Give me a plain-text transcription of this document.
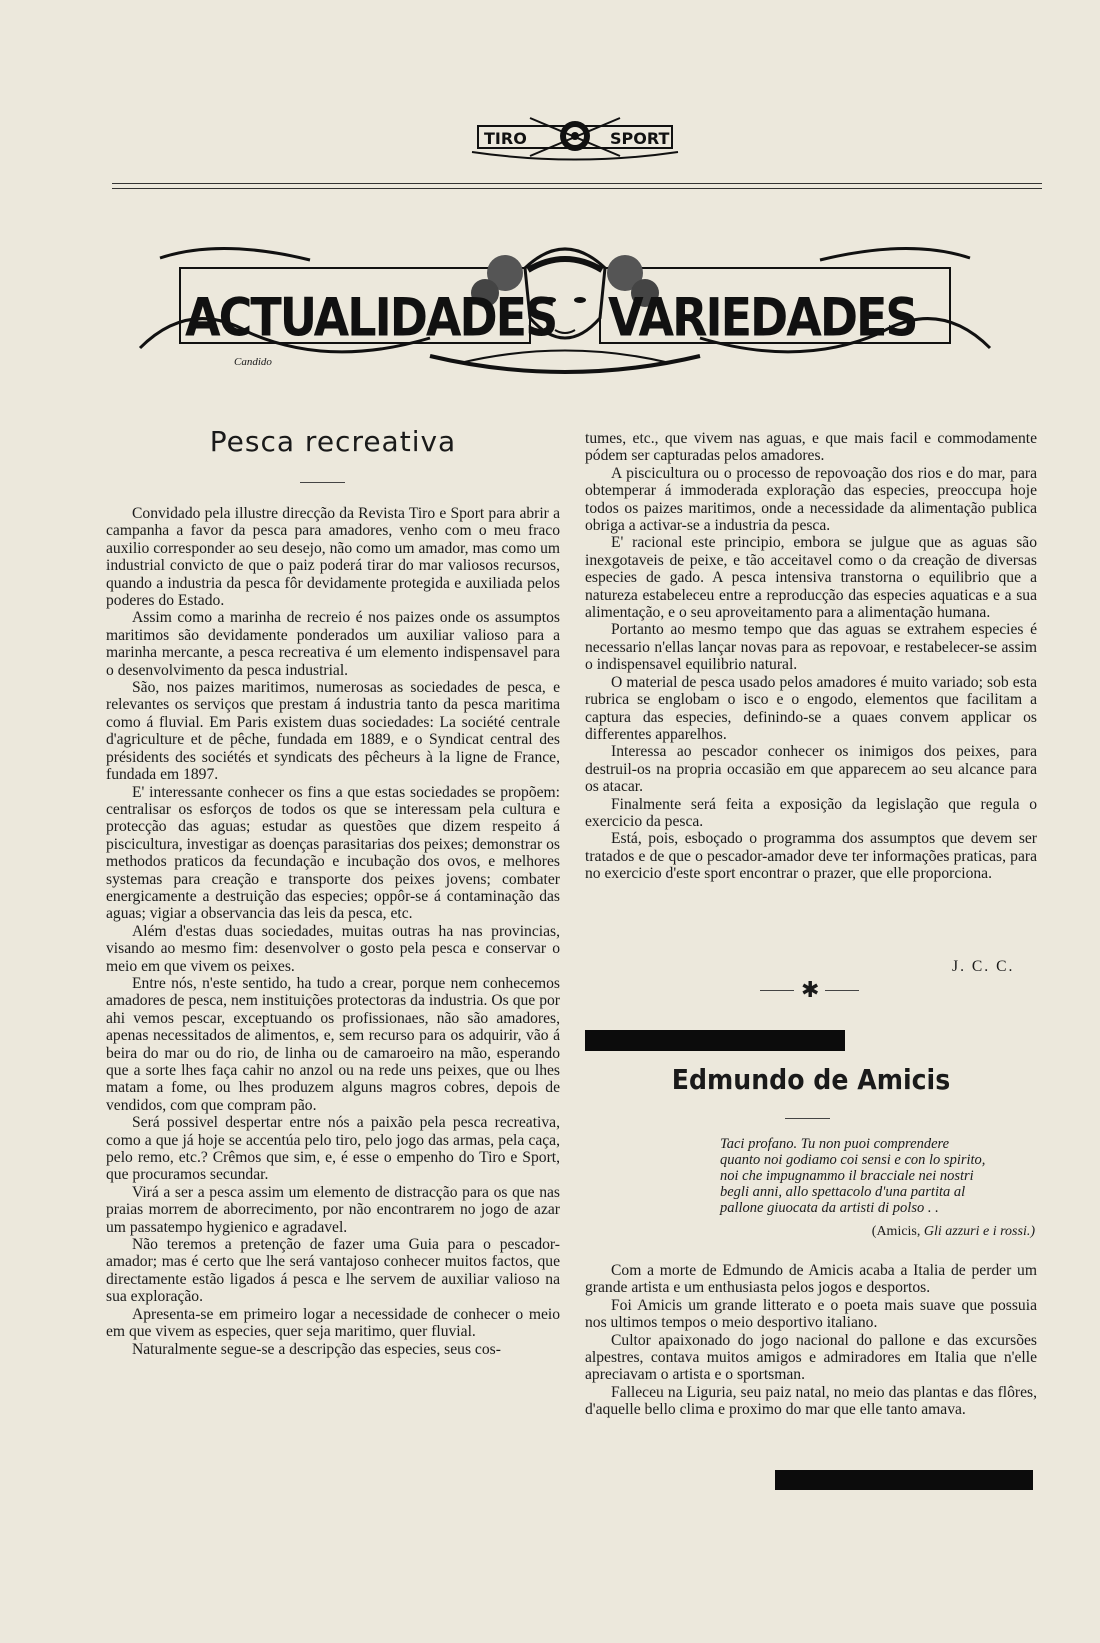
TIRO	SPORT
ACTUALIDADES VARIEDADES
Candido
Pesca recreativa

Convidado pela illustre direcção da Revista Tiro e Sport para abrir a campanha a favor da pesca para amadores, venho com o meu fraco auxilio corresponder ao seu desejo, não como um amador, mas como um industrial convicto de que o paiz poderá tirar do mar valiosos recursos, quando a industria da pesca fôr devidamente protegida e auxiliada pelos poderes do Estado.

Assim como a marinha de recreio é nos paizes onde os assumptos maritimos são devidamente ponderados um auxiliar valioso para a marinha mercante, a pesca recreativa é um elemento indispensavel para o desenvolvimento da pesca industrial.

São, nos paizes maritimos, numerosas as sociedades de pesca, e relevantes os serviços que prestam á industria tanto da pesca maritima como á fluvial. Em Paris existem duas sociedades: La société centrale d'agriculture et de pêche, fundada em 1889, e o Syndicat central des présidents des sociétés et syndicats des pêcheurs à la ligne de France, fundada em 1897.

E' interessante conhecer os fins a que estas sociedades se propõem: centralisar os esforços de todos os que se interessam pela cultura e protecção das aguas; estudar as questões que dizem respeito á piscicultura, investigar as doenças parasitarias dos peixes; demonstrar os methodos praticos da fecundação e incubação dos ovos, e melhores systemas para creação e transporte dos peixes jovens; combater energicamente a destruição das especies; oppôr-se á contaminação das aguas; vigiar a observancia das leis da pesca, etc.

Além d'estas duas sociedades, muitas outras ha nas provincias, visando ao mesmo fim: desenvolver o gosto pela pesca e conservar o meio em que vivem os peixes.

Entre nós, n'este sentido, ha tudo a crear, porque nem conhecemos amadores de pesca, nem instituições protectoras da industria. Os que por ahi vemos pescar, exceptuando os profissionaes, não são amadores, apenas necessitados de alimentos, e, sem recurso para os adquirir, vão á beira do mar ou do rio, de linha ou de camaroeiro na mão, esperando que a sorte lhes faça cahir no anzol ou na rede uns peixes, que ou lhes matam a fome, ou lhes produzem alguns magros cobres, depois de vendidos, com que compram pão.

Será possivel despertar entre nós a paixão pela pesca recreativa, como a que já hoje se accentúa pelo tiro, pelo jogo das armas, pela caça, pelo remo, etc.? Crêmos que sim, e, é esse o empenho do Tiro e Sport, que procuramos secundar.

Virá a ser a pesca assim um elemento de distracção para os que nas praias morrem de aborrecimento, por não encontrarem no jogo de azar um passatempo hygienico e agradavel.

Não teremos a pretenção de fazer uma Guia para o pescador-amador; mas é certo que lhe será vantajoso conhecer muitos factos, que directamente estão ligados á pesca e lhe servem de auxiliar valioso na sua exploração.

Apresenta-se em primeiro logar a necessidade de conhecer o meio em que vivem as especies, quer seja maritimo, quer fluvial.

Naturalmente segue-se a descripção das especies, seus cos-

tumes, etc., que vivem nas aguas, e que mais facil e commodamente pódem ser capturadas pelos amadores.

A piscicultura ou o processo de repovoação dos rios e do mar, para obtemperar á immoderada exploração das especies, preoccupa hoje todos os paizes maritimos, onde a necessidade da alimentação publica obriga a activar-se a industria da pesca.

E' racional este principio, embora se julgue que as aguas são inexgotaveis de peixe, e tão acceitavel como o da creação de diversas especies de gado. A pesca intensiva transtorna o equilibrio que a natureza estabeleceu entre a reproducção das especies aquaticas e a sua alimentação, e o seu aproveitamento para a alimentação humana.

Portanto ao mesmo tempo que das aguas se extrahem especies é necessario n'ellas lançar novas para as repovoar, e restabelecer-se assim o indispensavel equilibrio natural.

O material de pesca usado pelos amadores é muito variado; sob esta rubrica se englobam o isco e o engodo, elementos que facilitam a captura das especies, definindo-se a quaes convem applicar os differentes apparelhos.

Interessa ao pescador conhecer os inimigos dos peixes, para destruil-os na propria occasião em que apparecem ao seu alcance para os atacar.

Finalmente será feita a exposição da legislação que regula o exercicio da pesca.

Está, pois, esboçado o programma dos assumptos que devem ser tratados e de que o pescador-amador deve ter informações praticas, para no exercicio d'este sport encontrar o prazer, que elle proporciona.

J. C. C.
✱
Edmundo de Amicis
Taci profano. Tu non puoi comprendere
quanto noi godiamo coi sensi e con lo spirito,
noi che impugnammo il bracciale nei nostri
begli anni, allo spettacolo d'una partita al
pallone giuocata da artisti di polso . .
(Amicis, Gli azzuri e i rossi.)

Com a morte de Edmundo de Amicis acaba a Italia de perder um grande artista e um enthusiasta pelos jogos e desportos.

Foi Amicis um grande litterato e o poeta mais suave que possuia nos ultimos tempos o meio desportivo italiano.

Cultor apaixonado do jogo nacional do pallone e das excursões alpestres, contava muitos amigos e admiradores em Italia que n'elle apreciavam o artista e o sportsman.

Falleceu na Liguria, seu paiz natal, no meio das plantas e das flôres, d'aquelle bello clima e proximo do mar que elle tanto amava.
